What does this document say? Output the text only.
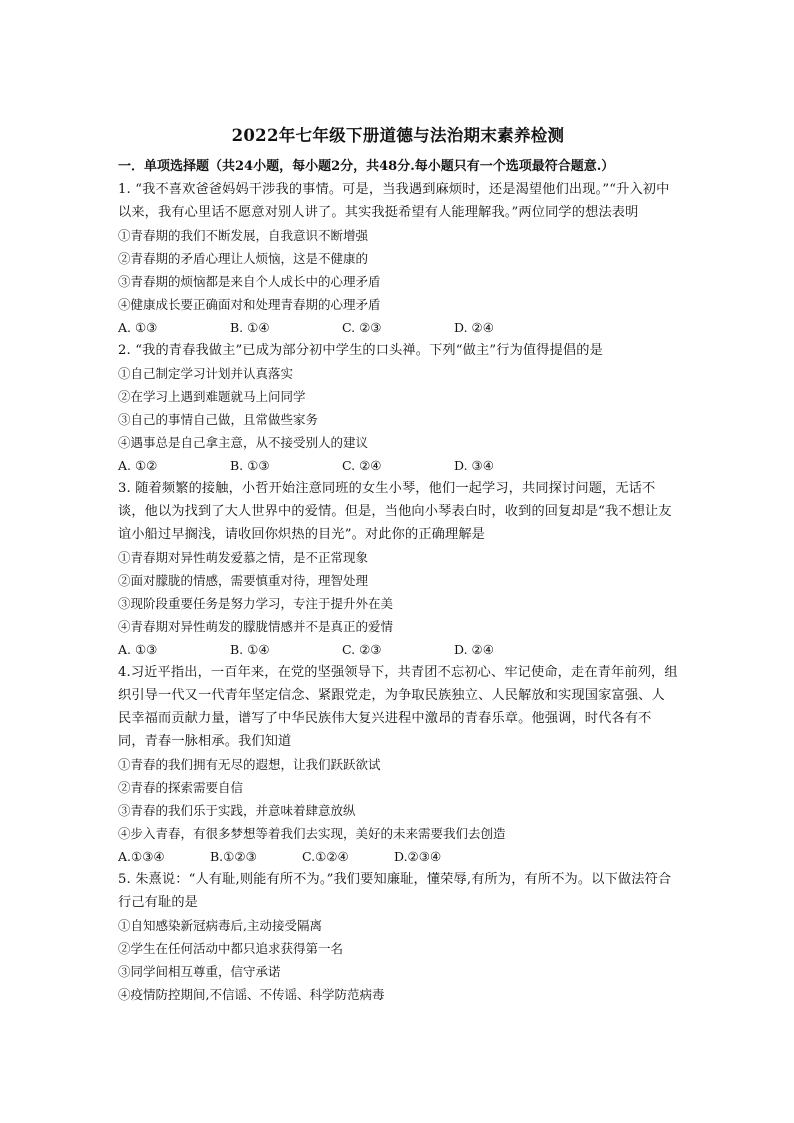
2022年七年级下册道德与法治期末素养检测
一．单项选择题（共24小题，每小题2分，共48分.每小题只有一个选项最符合题意.）
1. “我不喜欢爸爸妈妈干涉我的事情。可是，当我遇到麻烦时，还是渴望他们出现。”“升入初中以来，我有心里话不愿意对别人讲了。其实我挺希望有人能理解我。”两位同学的想法表明
①青春期的我们不断发展，自我意识不断增强
②青春期的矛盾心理让人烦恼，这是不健康的
③青春期的烦恼都是来自个人成长中的心理矛盾
④健康成长要正确面对和处理青春期的心理矛盾
A. ①③	B. ①④	C. ②③	D. ②④
2. “我的青春我做主”已成为部分初中学生的口头禅。下列“做主”行为值得提倡的是
①自己制定学习计划并认真落实
②在学习上遇到难题就马上问同学
③自己的事情自己做，且常做些家务
④遇事总是自己拿主意，从不接受别人的建议
A. ①②	B. ①③	C. ②④	D. ③④
3. 随着频繁的接触，小哲开始注意同班的女生小琴，他们一起学习，共同探讨问题，无话不谈，他以为找到了大人世界中的爱情。但是，当他向小琴表白时，收到的回复却是“我不想让友谊小船过早搁浅，请收回你炽热的目光”。对此你的正确理解是
①青春期对异性萌发爱慕之情，是不正常现象
②面对朦胧的情感，需要慎重对待，理智处理
③现阶段重要任务是努力学习，专注于提升外在美
④青春期对异性萌发的朦胧情感并不是真正的爱情
A. ①③	B. ①④	C. ②③	D. ②④
4.习近平指出，一百年来，在党的坚强领导下，共青团不忘初心、牢记使命，走在青年前列，组织引导一代又一代青年坚定信念、紧跟党走，为争取民族独立、人民解放和实现国家富强、人民幸福而贡献力量，谱写了中华民族伟大复兴进程中激昂的青春乐章。他强调，时代各有不同，青春一脉相承。我们知道
①青春的我们拥有无尽的遐想，让我们跃跃欲试
②青春的探索需要自信
③青春的我们乐于实践，并意味着肆意放纵
④步入青春，有很多梦想等着我们去实现，美好的未来需要我们去创造
A.①③④	B.①②③	C.①②④	D.②③④
5. 朱熹说：“人有耻,则能有所不为。”我们要知廉耻，懂荣辱,有所为，有所不为。以下做法符合行己有耻的是
①自知感染新冠病毒后,主动接受隔离
②学生在任何活动中都只追求获得第一名
③同学间相互尊重，信守承诺
④疫情防控期间,不信谣、不传谣、科学防范病毒
